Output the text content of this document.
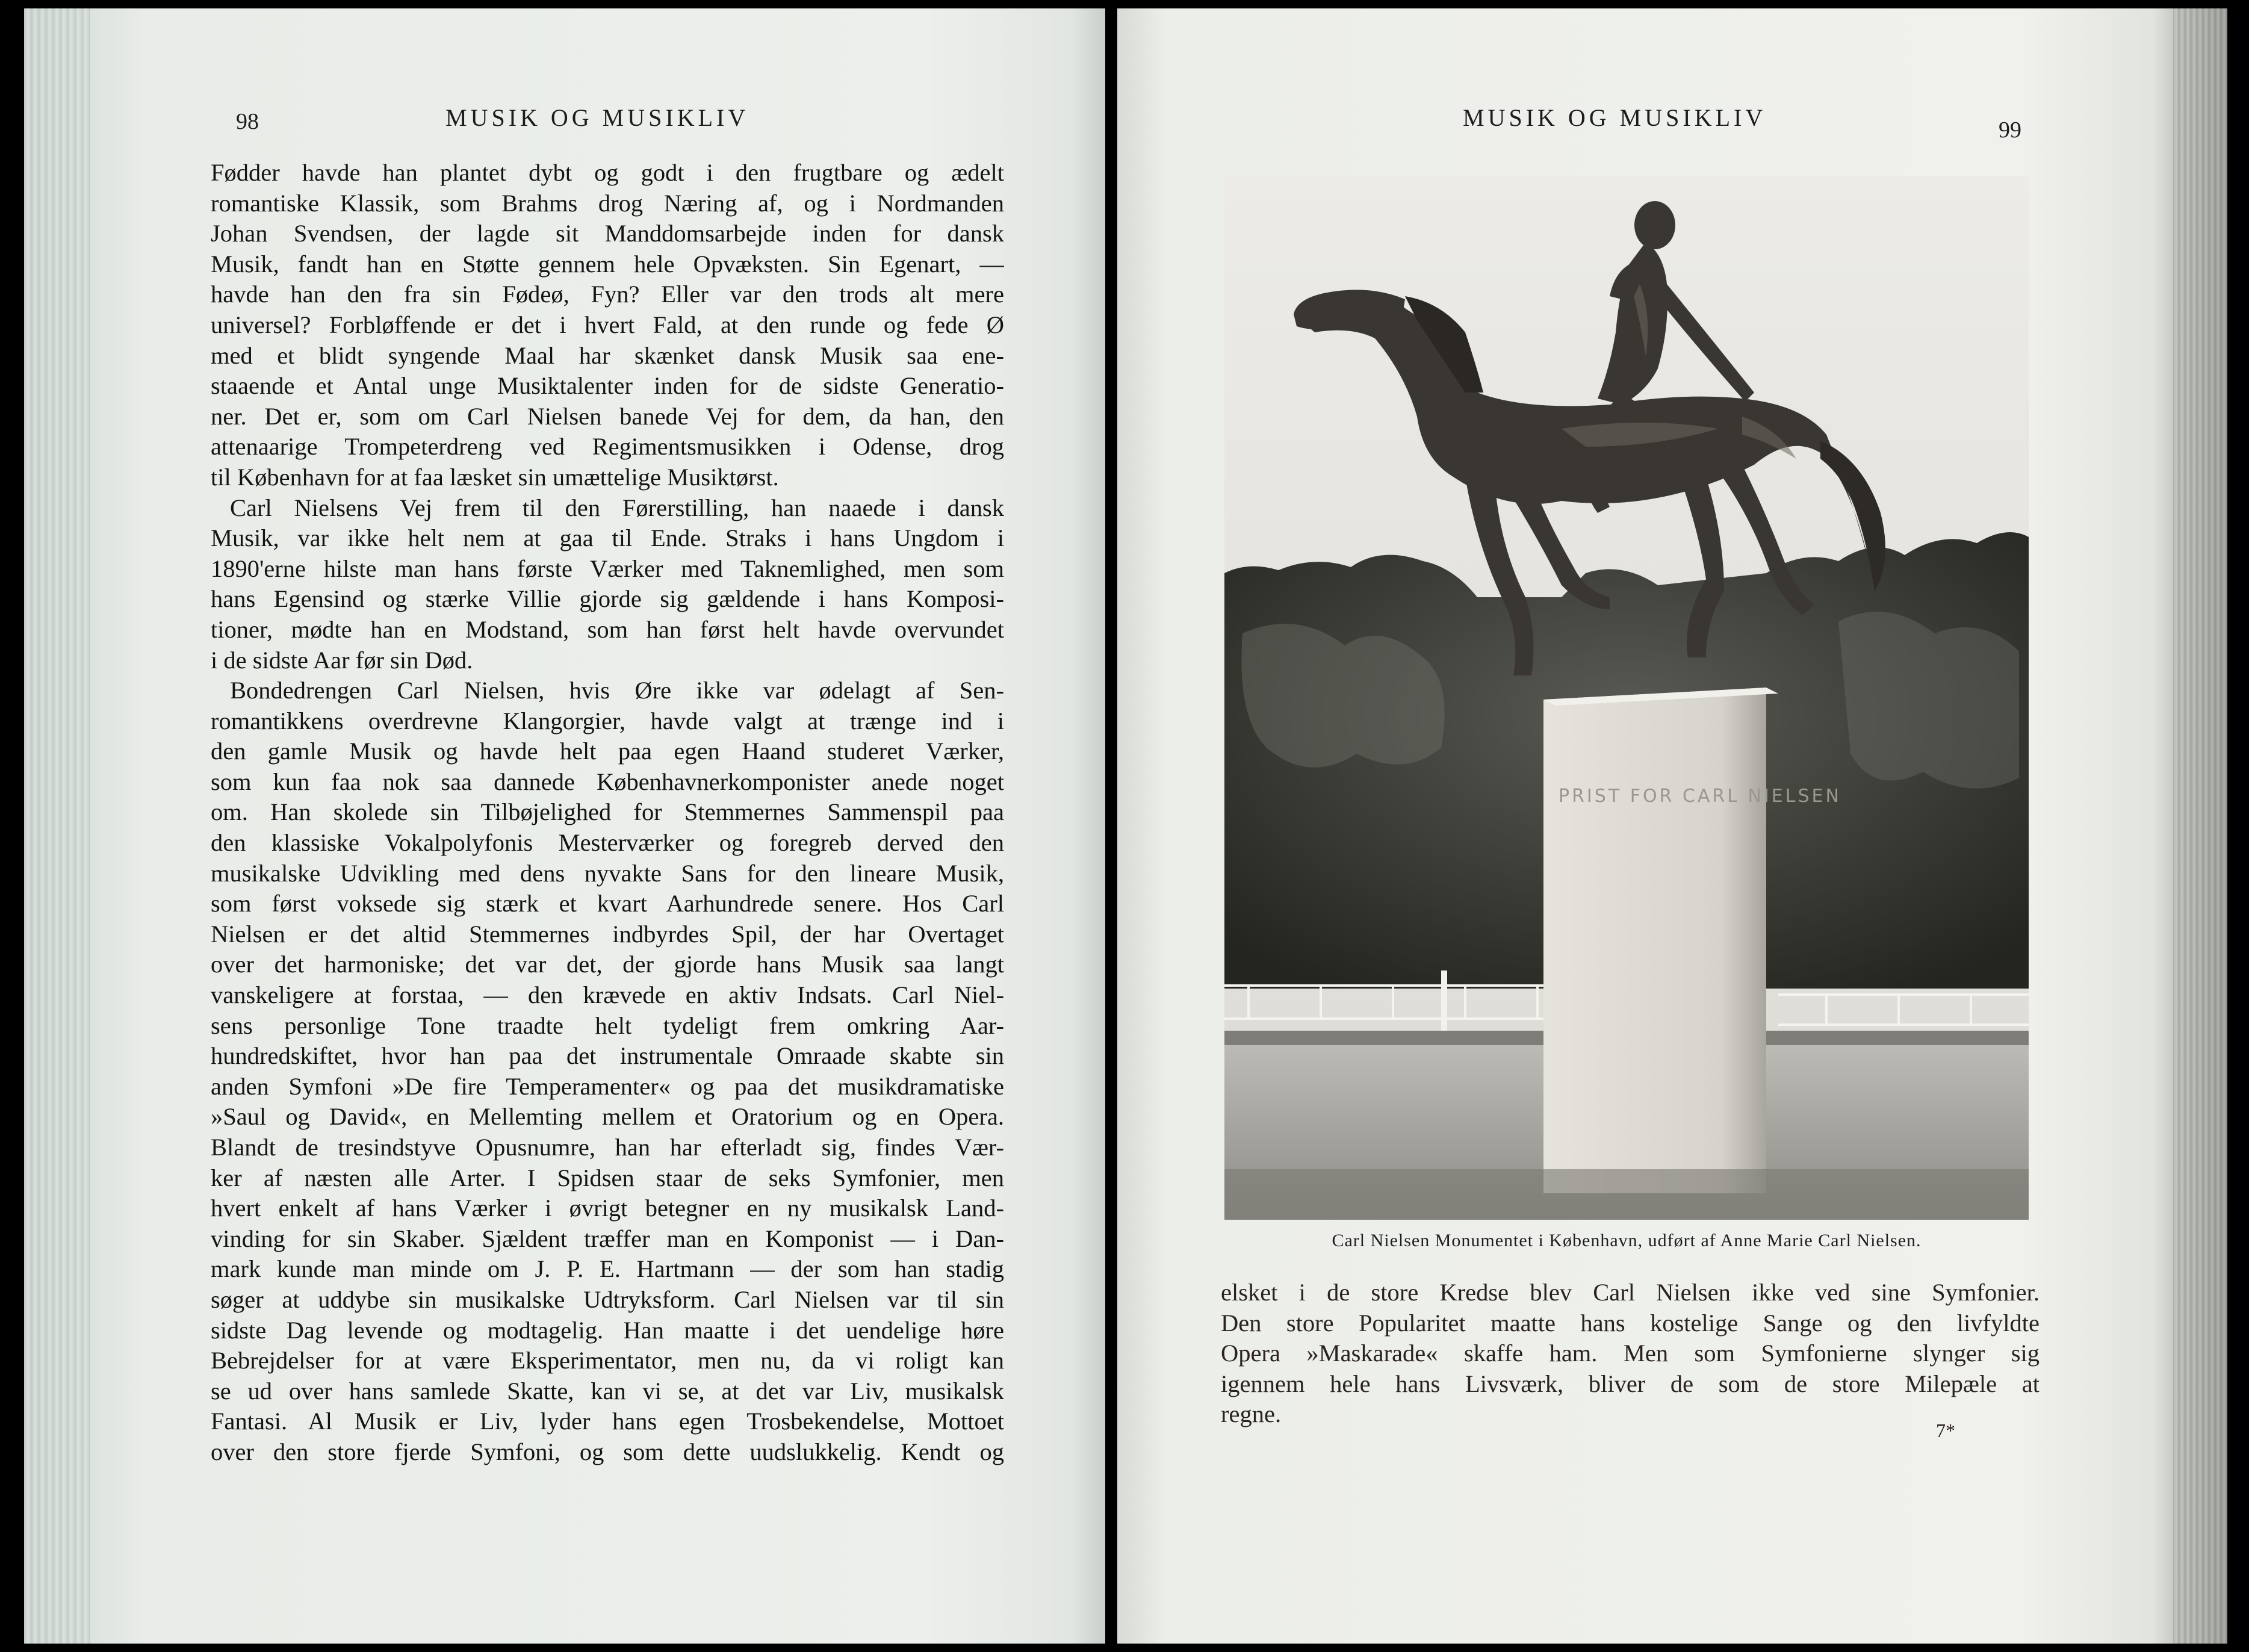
98	MUSIK OG MUSIKLIV
Fødder havde han plantet dybt og godt i den frugtbare og ædelt
romantiske Klassik, som Brahms drog Næring af, og i Nordmanden
Johan Svendsen, der lagde sit Manddomsarbejde inden for dansk
Musik, fandt han en Støtte gennem hele Opvæksten. Sin Egenart, —
havde han den fra sin Fødeø, Fyn? Eller var den trods alt mere
universel? Forbløffende er det i hvert Fald, at den runde og fede Ø
med et blidt syngende Maal har skænket dansk Musik saa ene-
staaende et Antal unge Musiktalenter inden for de sidste Generatio-
ner. Det er, som om Carl Nielsen banede Vej for dem, da han, den
attenaarige Trompeterdreng ved Regimentsmusikken i Odense, drog
til København for at faa læsket sin umættelige Musiktørst.
Carl Nielsens Vej frem til den Førerstilling, han naaede i dansk
Musik, var ikke helt nem at gaa til Ende. Straks i hans Ungdom i
1890'erne hilste man hans første Værker med Taknemlighed, men som
hans Egensind og stærke Villie gjorde sig gældende i hans Komposi-
tioner, mødte han en Modstand, som han først helt havde overvundet
i de sidste Aar før sin Død.
Bondedrengen Carl Nielsen, hvis Øre ikke var ødelagt af Sen-
romantikkens overdrevne Klangorgier, havde valgt at trænge ind i
den gamle Musik og havde helt paa egen Haand studeret Værker,
som kun faa nok saa dannede Københavnerkomponister anede noget
om. Han skolede sin Tilbøjelighed for Stemmernes Sammenspil paa
den klassiske Vokalpolyfonis Mesterværker og foregreb derved den
musikalske Udvikling med dens nyvakte Sans for den lineare Musik,
som først voksede sig stærk et kvart Aarhundrede senere. Hos Carl
Nielsen er det altid Stemmernes indbyrdes Spil, der har Overtaget
over det harmoniske; det var det, der gjorde hans Musik saa langt
vanskeligere at forstaa, — den krævede en aktiv Indsats. Carl Niel-
sens personlige Tone traadte helt tydeligt frem omkring Aar-
hundredskiftet, hvor han paa det instrumentale Omraade skabte sin
anden Symfoni »De fire Temperamenter« og paa det musikdramatiske
»Saul og David«, en Mellemting mellem et Oratorium og en Opera.
Blandt de tresindstyve Opusnumre, han har efterladt sig, findes Vær-
ker af næsten alle Arter. I Spidsen staar de seks Symfonier, men
hvert enkelt af hans Værker i øvrigt betegner en ny musikalsk Land-
vinding for sin Skaber. Sjældent træffer man en Komponist — i Dan-
mark kunde man minde om J. P. E. Hartmann — der som han stadig
søger at uddybe sin musikalske Udtryksform. Carl Nielsen var til sin
sidste Dag levende og modtagelig. Han maatte i det uendelige høre
Bebrejdelser for at være Eksperimentator, men nu, da vi roligt kan
se ud over hans samlede Skatte, kan vi se, at det var Liv, musikalsk
Fantasi. Al Musik er Liv, lyder hans egen Trosbekendelse, Mottoet
over den store fjerde Symfoni, og som dette uudslukkelig. Kendt og
MUSIK OG MUSIKLIV	99
PRIST FOR CARL NIELSEN
Carl Nielsen Monumentet i København, udført af Anne Marie Carl Nielsen.
elsket i de store Kredse blev Carl Nielsen ikke ved sine Symfonier.
Den store Popularitet maatte hans kostelige Sange og den livfyldte
Opera »Maskarade« skaffe ham. Men som Symfonierne slynger sig
igennem hele hans Livsværk, bliver de som de store Milepæle at
regne.
7*
